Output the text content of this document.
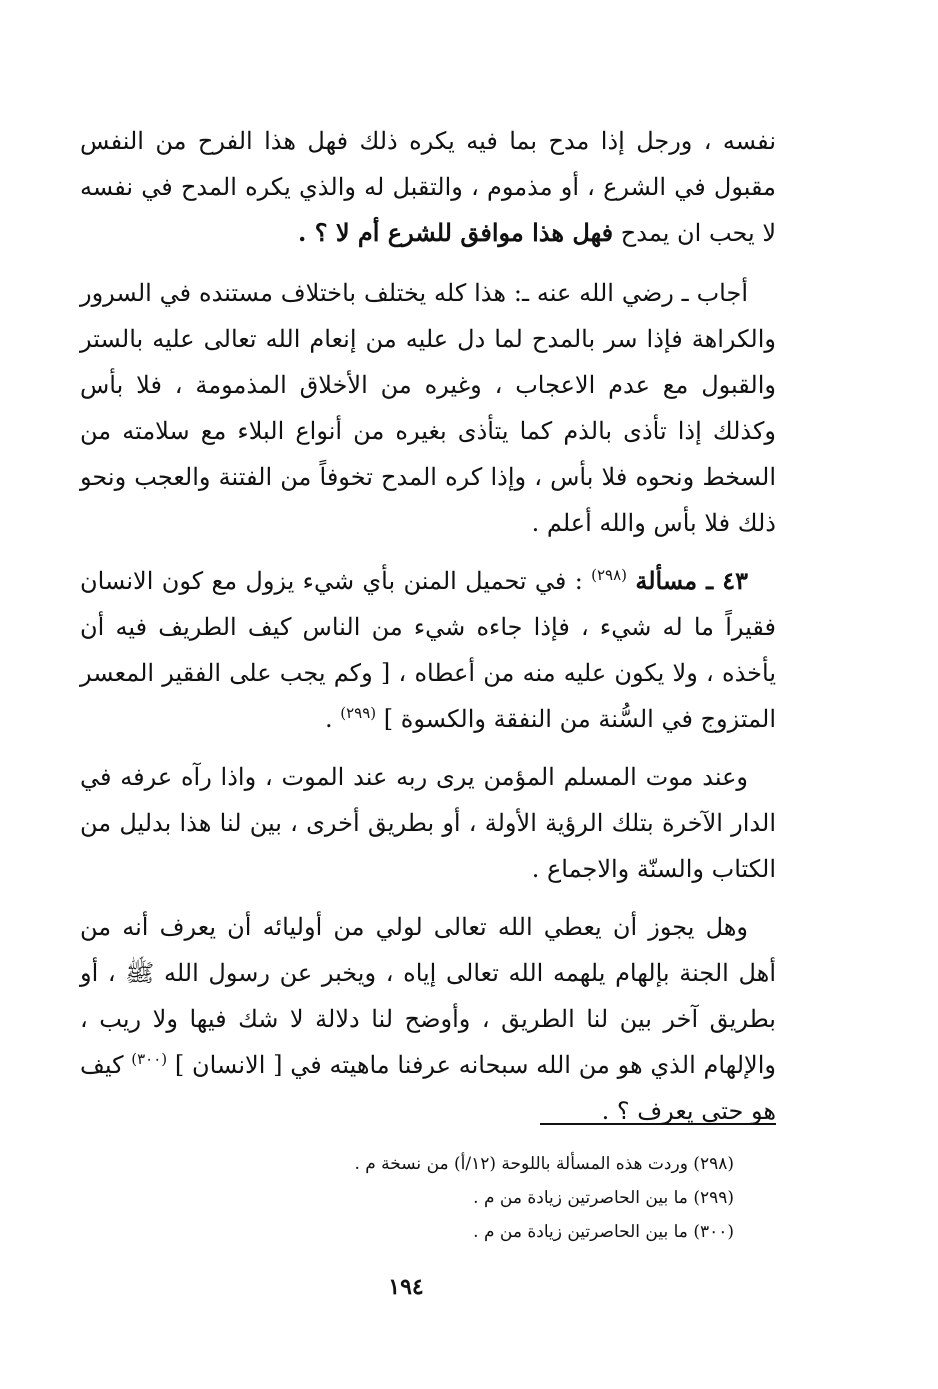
نفسه ، ورجل إذا مدح بما فيه يكره ذلك فهل هذا الفرح من النفس مقبول في الشرع ، أو مذموم ، والتقبل له والذي يكره المدح في نفسه لا يحب ان يمدح فهل هذا موافق للشرع أم لا ؟ .

أجاب ـ رضي الله عنه ـ: هذا كله يختلف باختلاف مستنده في السرور والكراهة فإذا سر بالمدح لما دل عليه من إنعام الله تعالى عليه بالستر والقبول مع عدم الاعجاب ، وغيره من الأخلاق المذمومة ، فلا بأس وكذلك إذا تأذى بالذم كما يتأذى بغيره من أنواع البلاء مع سلامته من السخط ونحوه فلا بأس ، وإذا كره المدح تخوفاً من الفتنة والعجب ونحو ذلك فلا بأس والله أعلم .

٤٣ ـ مسألة $^{(٢٩٨)}$ : في تحميل المنن بأي شيء يزول مع كون الانسان فقيراً ما له شيء ، فإذا جاءه شيء من الناس كيف الطريف فيه أن يأخذه ، ولا يكون عليه منه من أعطاه ، [ وكم يجب على الفقير المعسر المتزوج في السُّنة من النفقة والكسوة ] $^{(٢٩٩)}$ .

وعند موت المسلم المؤمن يرى ربه عند الموت ، واذا رآه عرفه في الدار الآخرة بتلك الرؤية الأولة ، أو بطريق أخرى ، بين لنا هذا بدليل من الكتاب والسنّة والاجماع .

وهل يجوز أن يعطي الله تعالى لولي من أوليائه أن يعرف أنه من أهل الجنة بإلهام يلهمه الله تعالى إياه ، ويخبر عن رسول الله ﷺ ، أو بطريق آخر بين لنا الطريق ، وأوضح لنا دلالة لا شك فيها ولا ريب ، والإلهام الذي هو من الله سبحانه عرفنا ماهيته في [ الانسان ] $^{(٣٠٠)}$ كيف هو حتى يعرف ؟ .

(٢٩٨) وردت هذه المسألة باللوحة (١٢/أ) من نسخة م .

(٢٩٩) ما بين الحاصرتين زيادة من م .

(٣٠٠) ما بين الحاصرتين زيادة من م .

١٩٤
